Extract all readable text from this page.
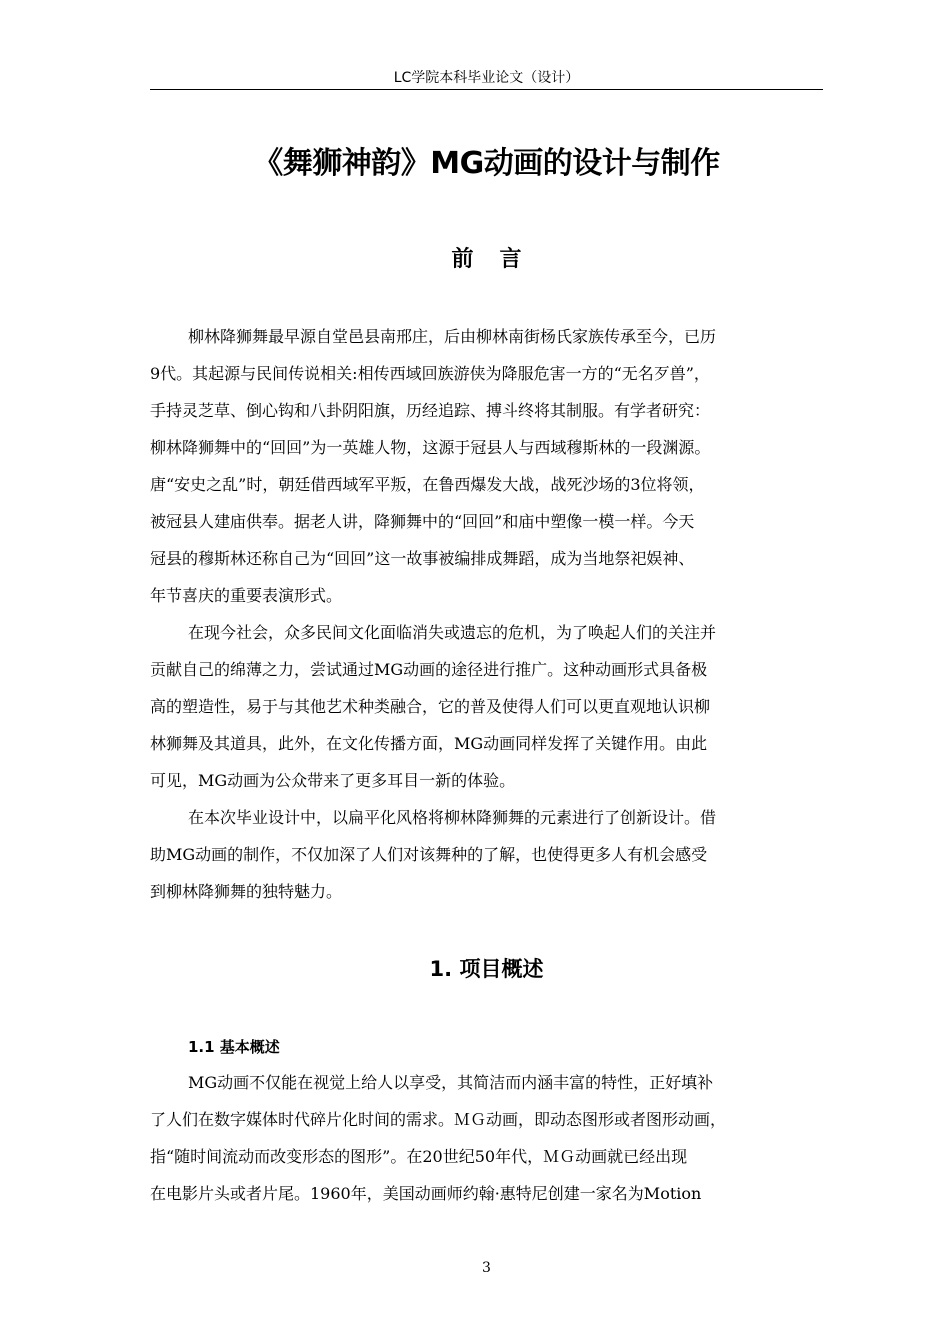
LC学院本科毕业论文（设计）
《舞狮神韵》MG动画的设计与制作
前 言

柳林降狮舞最早源自堂邑县南邢庄，后由柳林南街杨氏家族传承至今，已历
9代。其起源与民间传说相关:相传西域回族游侠为降服危害一方的“无名歹兽”，
手持灵芝草、倒心钩和八卦阴阳旗，历经追踪、搏斗终将其制服。有学者研究：
柳林降狮舞中的“回回”为一英雄人物，这源于冠县人与西域穆斯林的一段渊源。
唐“安史之乱”时，朝廷借西域军平叛，在鲁西爆发大战，战死沙场的3位将领，
被冠县人建庙供奉。据老人讲，降狮舞中的“回回”和庙中塑像一模一样。今天
冠县的穆斯林还称自己为“回回”这一故事被编排成舞蹈，成为当地祭祀娱神、
年节喜庆的重要表演形式。

在现今社会，众多民间文化面临消失或遗忘的危机，为了唤起人们的关注并
贡献自己的绵薄之力，尝试通过MG动画的途径进行推广。这种动画形式具备极
高的塑造性，易于与其他艺术种类融合，它的普及使得人们可以更直观地认识柳
林狮舞及其道具，此外，在文化传播方面，MG动画同样发挥了关键作用。由此
可见，MG动画为公众带来了更多耳目一新的体验。

在本次毕业设计中，以扁平化风格将柳林降狮舞的元素进行了创新设计。借
助MG动画的制作，不仅加深了人们对该舞种的了解，也使得更多人有机会感受
到柳林降狮舞的独特魅力。

1. 项目概述
1.1 基本概述

MG动画不仅能在视觉上给人以享受，其简洁而内涵丰富的特性，正好填补
了人们在数字媒体时代碎片化时间的需求。ＭＧ动画，即动态图形或者图形动画，
指“随时间流动而改变形态的图形”。在20世纪50年代，ＭＧ动画就已经出现
在电影片头或者片尾。1960年，美国动画师约翰·惠特尼创建一家名为Motion

3
